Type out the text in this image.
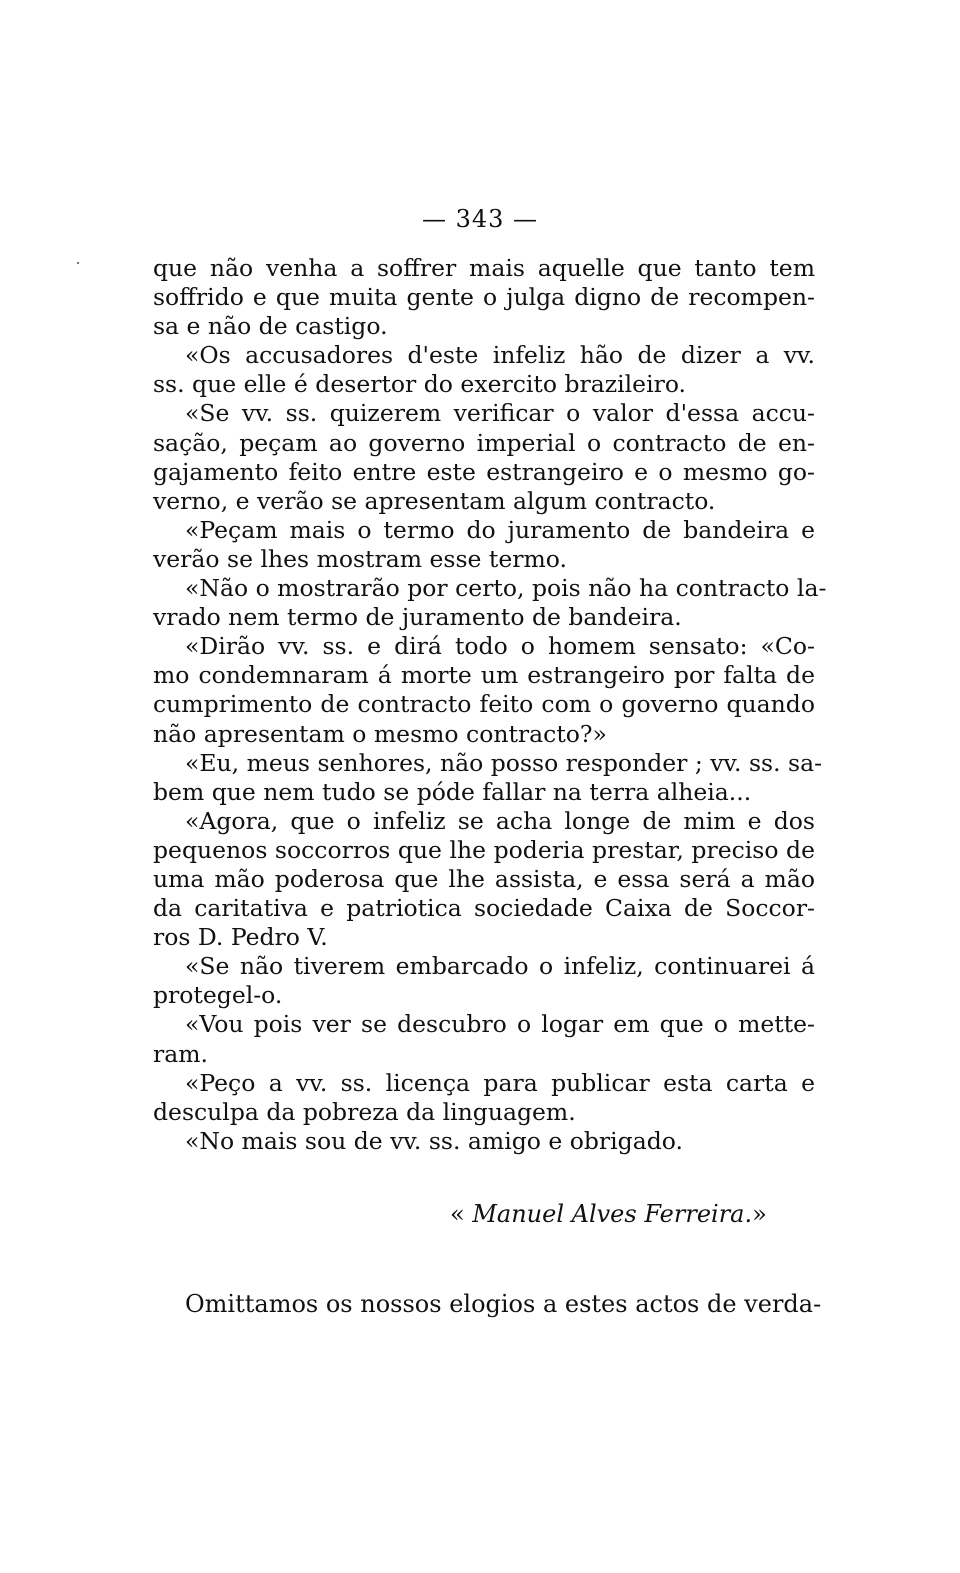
— 343 —
que não venha a soffrer mais aquelle que tanto tem
soffrido e que muita gente o julga digno de recompen-
sa e não de castigo.
«Os accusadores d'este infeliz hão de dizer a vv.
ss. que elle é desertor do exercito brazileiro.
«Se vv. ss. quizerem verificar o valor d'essa accu-
sação, peçam ao governo imperial o contracto de en-
gajamento feito entre este estrangeiro e o mesmo go-
verno, e verão se apresentam algum contracto.
«Peçam mais o termo do juramento de bandeira e
verão se lhes mostram esse termo.
«Não o mostrarão por certo, pois não ha contracto la-
vrado nem termo de juramento de bandeira.
«Dirão vv. ss. e dirá todo o homem sensato: «Co-
mo condemnaram á morte um estrangeiro por falta de
cumprimento de contracto feito com o governo quando
não apresentam o mesmo contracto?»
«Eu, meus senhores, não posso responder ; vv. ss. sa-
bem que nem tudo se póde fallar na terra alheia...
«Agora, que o infeliz se acha longe de mim e dos
pequenos soccorros que lhe poderia prestar, preciso de
uma mão poderosa que lhe assista, e essa será a mão
da caritativa e patriotica sociedade Caixa de Soccor-
ros D. Pedro V.
«Se não tiverem embarcado o infeliz, continuarei á
protegel-o.
«Vou pois ver se descubro o logar em que o mette-
ram.
«Peço a vv. ss. licença para publicar esta carta e
desculpa da pobreza da linguagem.
«No mais sou de vv. ss. amigo e obrigado.
« Manuel Alves Ferreira.»
Omittamos os nossos elogios a estes actos de verda-
